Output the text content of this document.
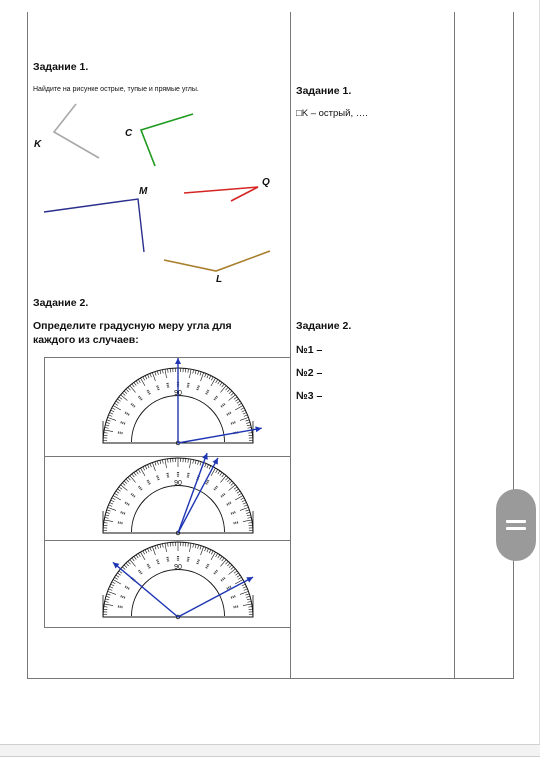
Задание 1.
Найдите на рисунке острые, тупые и прямые углы.
K
C
M
Q
L
Задание 2.
Определите градусную меру угла для
каждого из случаев:
90
90
90
Задание 1.
□K – острый, ….
Задание 2.
№1 –
№2 –
№3 –
